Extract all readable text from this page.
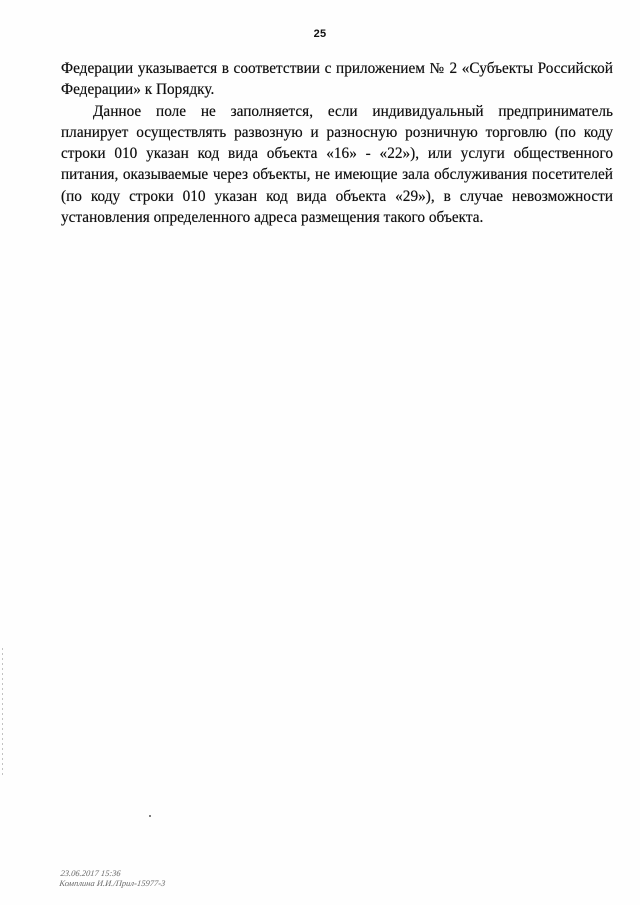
25

Федерации указывается в соответствии с приложением № 2 «Субъекты Российской Федерации» к Порядку.

Данное поле не заполняется, если индивидуальный предприниматель планирует осуществлять развозную и разносную розничную торговлю (по коду строки 010 указан код вида объекта «16» - «22»), или услуги общественного питания, оказываемые через объекты, не имеющие зала обслуживания посетителей (по коду строки 010 указан код вида объекта «29»), в случае невозможности установления определенного адреса размещения такого объекта.

23.06.2017 15:36
Комплина И.И./Прил-15977-3
